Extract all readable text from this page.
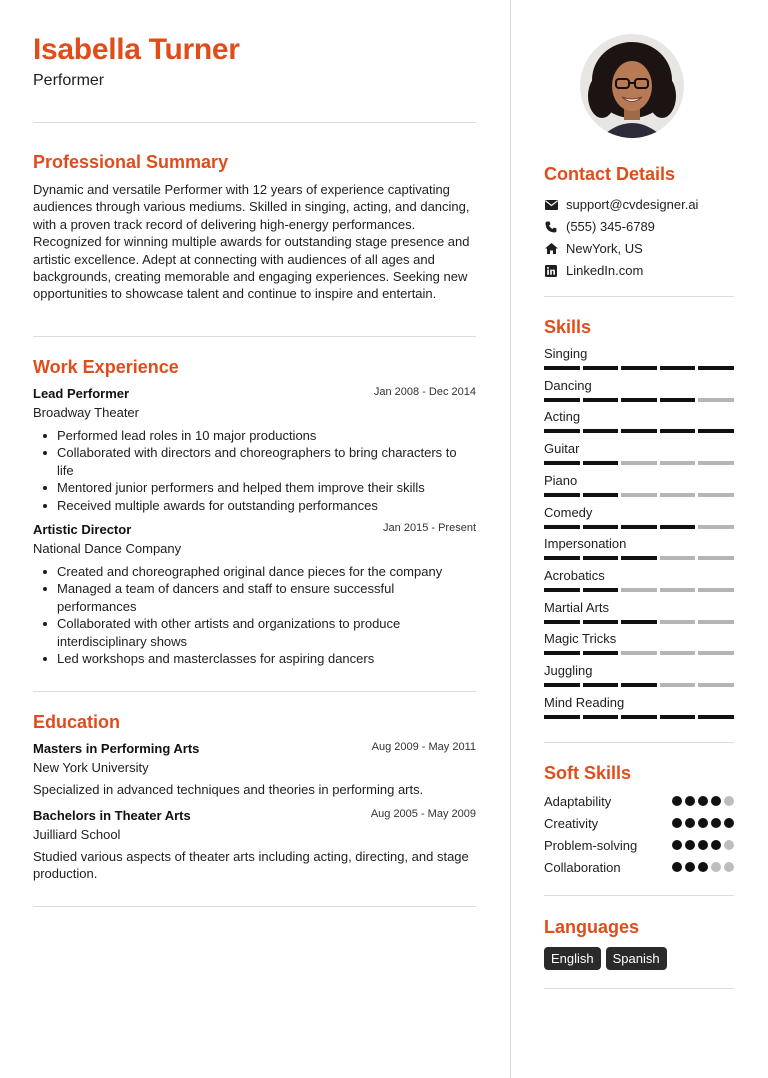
Isabella Turner
Performer
Professional Summary
Dynamic and versatile Performer with 12 years of experience captivating audiences through various mediums. Skilled in singing, acting, and dancing, with a proven track record of delivering high-energy performances. Recognized for winning multiple awards for outstanding stage presence and artistic excellence. Adept at connecting with audiences of all ages and backgrounds, creating memorable and engaging experiences. Seeking new opportunities to showcase talent and continue to inspire and entertain.
Work Experience
Lead Performer	Jan 2008 - Dec 2014
Broadway Theater
Performed lead roles in 10 major productions
Collaborated with directors and choreographers to bring characters to life
Mentored junior performers and helped them improve their skills
Received multiple awards for outstanding performances
Artistic Director	Jan 2015 - Present
National Dance Company
Created and choreographed original dance pieces for the company
Managed a team of dancers and staff to ensure successful performances
Collaborated with other artists and organizations to produce interdisciplinary shows
Led workshops and masterclasses for aspiring dancers
Education
Masters in Performing Arts	Aug 2009 - May 2011
New York University
Specialized in advanced techniques and theories in performing arts.
Bachelors in Theater Arts	Aug 2005 - May 2009
Juilliard School
Studied various aspects of theater arts including acting, directing, and stage production.
Contact Details
support@cvdesigner.ai
(555) 345-6789
NewYork, US
LinkedIn.com
Skills
Singing
Dancing
Acting
Guitar
Piano
Comedy
Impersonation
Acrobatics
Martial Arts
Magic Tricks
Juggling
Mind Reading
Soft Skills
Adaptability
Creativity
Problem-solving
Collaboration
Languages
English	Spanish
